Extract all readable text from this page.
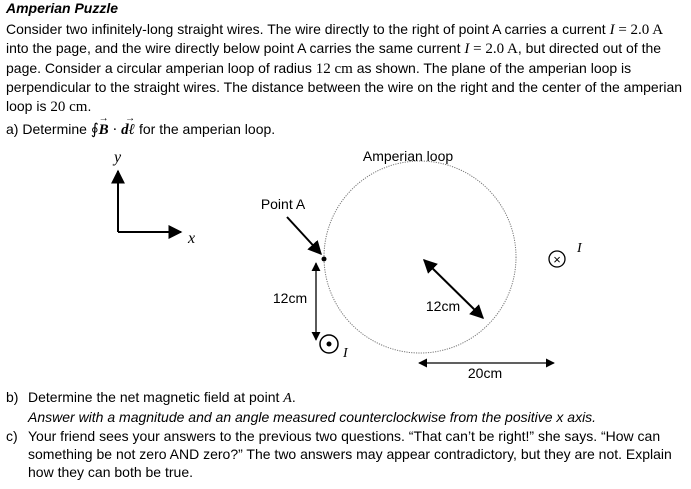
Amperian Puzzle
Consider two infinitely-long straight wires. The wire directly to the right of point A carries a current I = 2.0 A into the page, and the wire directly below point A carries the same current I = 2.0 A, but directed out of the page. Consider a circular amperian loop of radius 12 cm as shown. The plane of the amperian loop is perpendicular to the straight wires. The distance between the wire on the right and the center of the amperian loop is 20 cm.
a) Determine ∮B
→
· dℓ
→
for the amperian loop.
y
x
Amperian loop
Point A
12cm
I
12cm
×
I
20cm
b) Determine the net magnetic field at point A.
Answer with a magnitude and an angle measured counterclockwise from the positive x axis.
c) Your friend sees your answers to the previous two questions. “That can’t be right!” she says. “How can something be not zero AND zero?” The two answers may appear contradictory, but they are not. Explain how they can both be true.
